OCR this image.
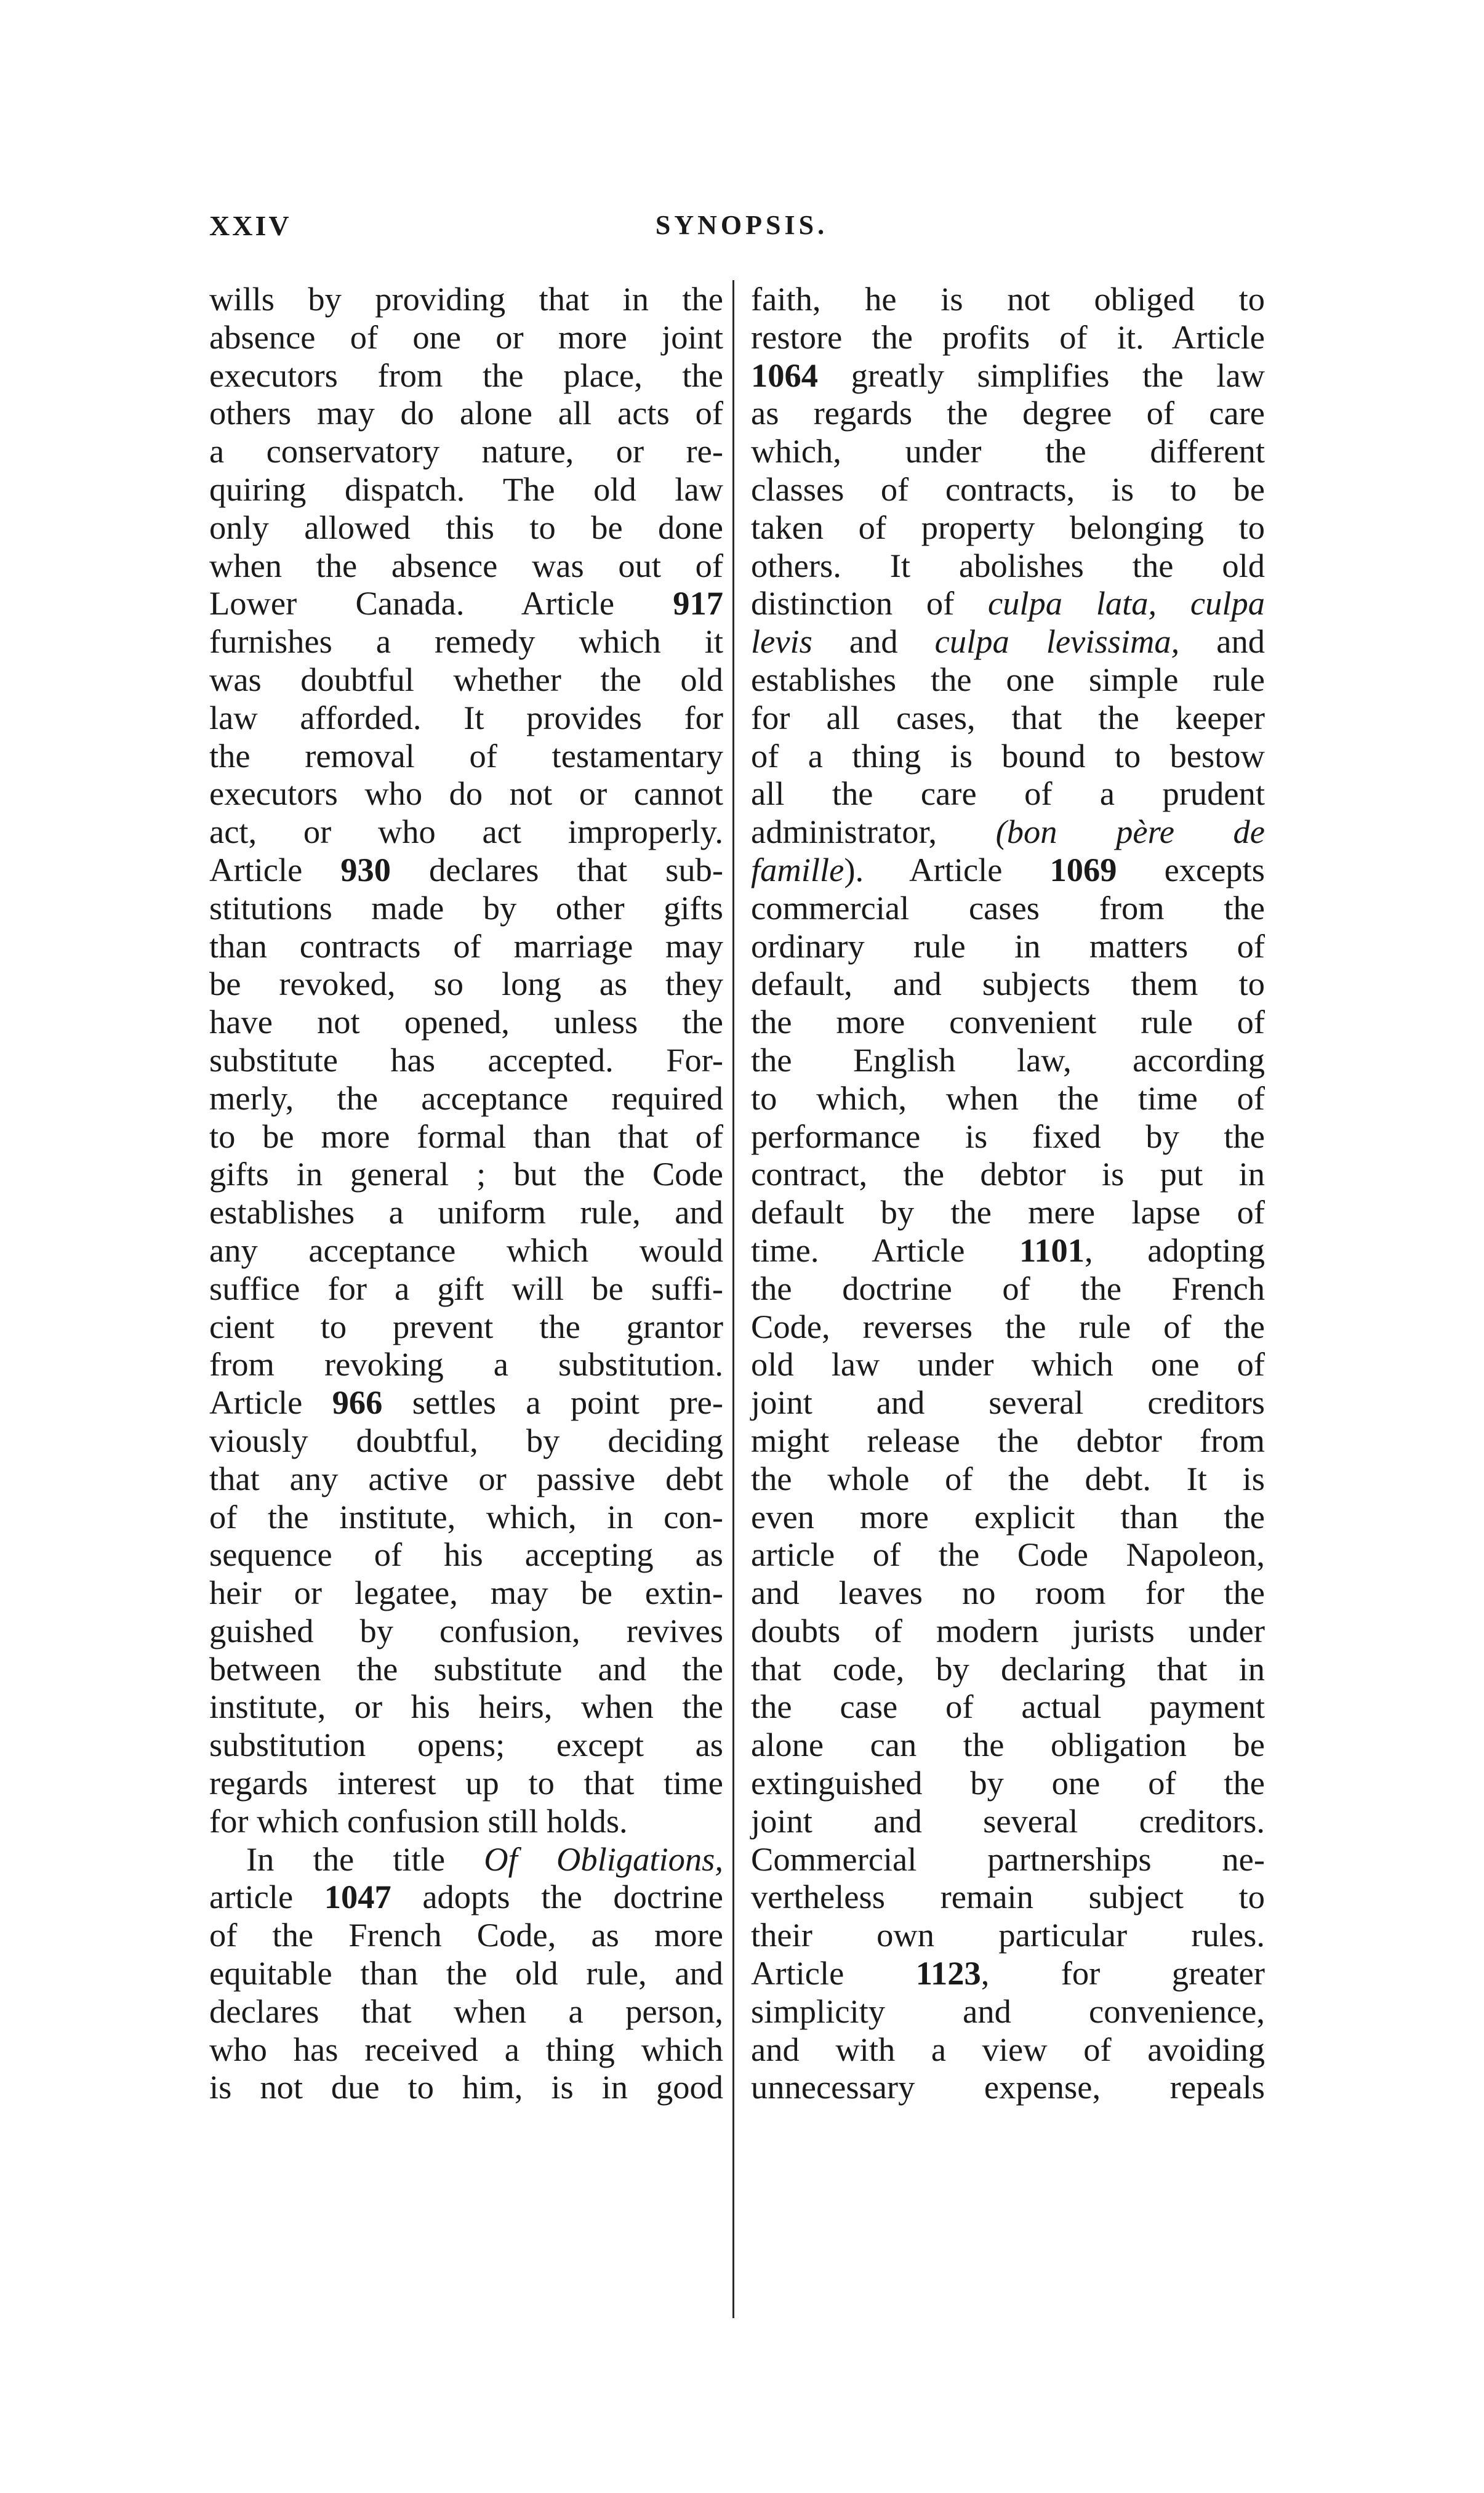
XXIV	SYNOPSIS.
wills by providing that in the
absence of one or more joint
executors from the place, the
others may do alone all acts of
a conservatory nature, or re-
quiring dispatch. The old law
only allowed this to be done
when the absence was out of
Lower Canada. Article 917
furnishes a remedy which it
was doubtful whether the old
law afforded. It provides for
the removal of testamentary
executors who do not or cannot
act, or who act improperly.
Article 930 declares that sub-
stitutions made by other gifts
than contracts of marriage may
be revoked, so long as they
have not opened, unless the
substitute has accepted. For-
merly, the acceptance required
to be more formal than that of
gifts in general ; but the Code
establishes a uniform rule, and
any acceptance which would
suffice for a gift will be suffi-
cient to prevent the grantor
from revoking a substitution.
Article 966 settles a point pre-
viously doubtful, by deciding
that any active or passive debt
of the institute, which, in con-
sequence of his accepting as
heir or legatee, may be extin-
guished by confusion, revives
between the substitute and the
institute, or his heirs, when the
substitution opens; except as
regards interest up to that time
for which confusion still holds.
In the title Of Obligations,
article 1047 adopts the doctrine
of the French Code, as more
equitable than the old rule, and
declares that when a person,
who has received a thing which
is not due to him, is in good
faith, he is not obliged to
restore the profits of it. Article
1064 greatly simplifies the law
as regards the degree of care
which, under the different
classes of contracts, is to be
taken of property belonging to
others. It abolishes the old
distinction of culpa lata, culpa
levis and culpa levissima, and
establishes the one simple rule
for all cases, that the keeper
of a thing is bound to bestow
all the care of a prudent
administrator, (bon père de
famille). Article 1069 excepts
commercial cases from the
ordinary rule in matters of
default, and subjects them to
the more convenient rule of
the English law, according
to which, when the time of
performance is fixed by the
contract, the debtor is put in
default by the mere lapse of
time. Article 1101, adopting
the doctrine of the French
Code, reverses the rule of the
old law under which one of
joint and several creditors
might release the debtor from
the whole of the debt. It is
even more explicit than the
article of the Code Napoleon,
and leaves no room for the
doubts of modern jurists under
that code, by declaring that in
the case of actual payment
alone can the obligation be
extinguished by one of the
joint and several creditors.
Commercial partnerships ne-
vertheless remain subject to
their own particular rules.
Article 1123, for greater
simplicity and convenience,
and with a view of avoiding
unnecessary expense, repeals
